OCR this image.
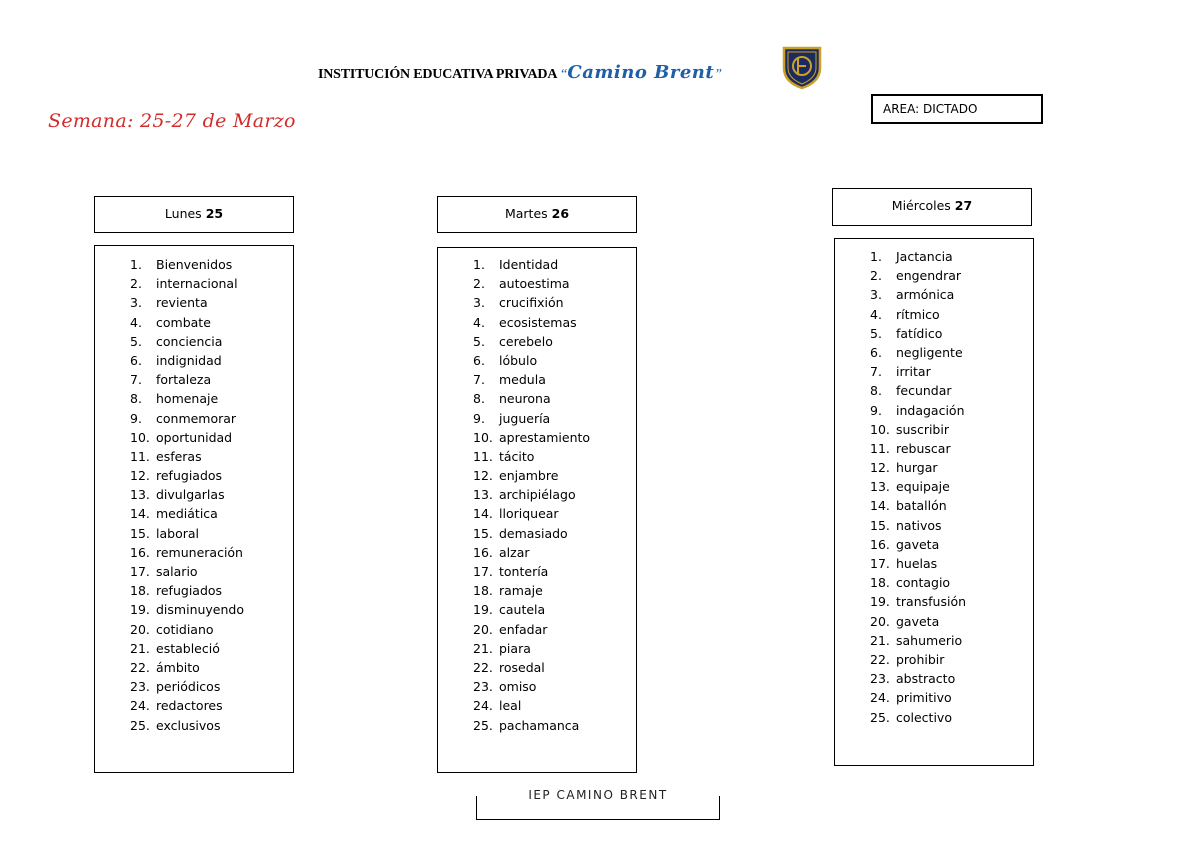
INSTITUCIÓN EDUCATIVA PRIVADA “Camino Brent”
Semana: 25-27 de Marzo
AREA: DICTADO
Lunes 25
1. Bienvenidos
2. internacional
3. revienta
4. combate
5. conciencia
6. indignidad
7. fortaleza
8. homenaje
9. conmemorar
10. oportunidad
11. esferas
12. refugiados
13. divulgarlas
14. mediática
15. laboral
16. remuneración
17. salario
18. refugiados
19. disminuyendo
20. cotidiano
21. estableció
22. ámbito
23. periódicos
24. redactores
25. exclusivos
Martes 26
1. Identidad
2. autoestima
3. crucifixión
4. ecosistemas
5. cerebelo
6. lóbulo
7. medula
8. neurona
9. juguería
10. aprestamiento
11. tácito
12. enjambre
13. archipiélago
14. lloriquear
15. demasiado
16. alzar
17. tontería
18. ramaje
19. cautela
20. enfadar
21. piara
22. rosedal
23. omiso
24. leal
25. pachamanca
Miércoles 27
1. Jactancia
2. engendrar
3. armónica
4. rítmico
5. fatídico
6. negligente
7. irritar
8. fecundar
9. indagación
10. suscribir
11. rebuscar
12. hurgar
13. equipaje
14. batallón
15. nativos
16. gaveta
17. huelas
18. contagio
19. transfusión
20. gaveta
21. sahumerio
22. prohibir
23. abstracto
24. primitivo
25. colectivo
IEP CAMINO BRENT
